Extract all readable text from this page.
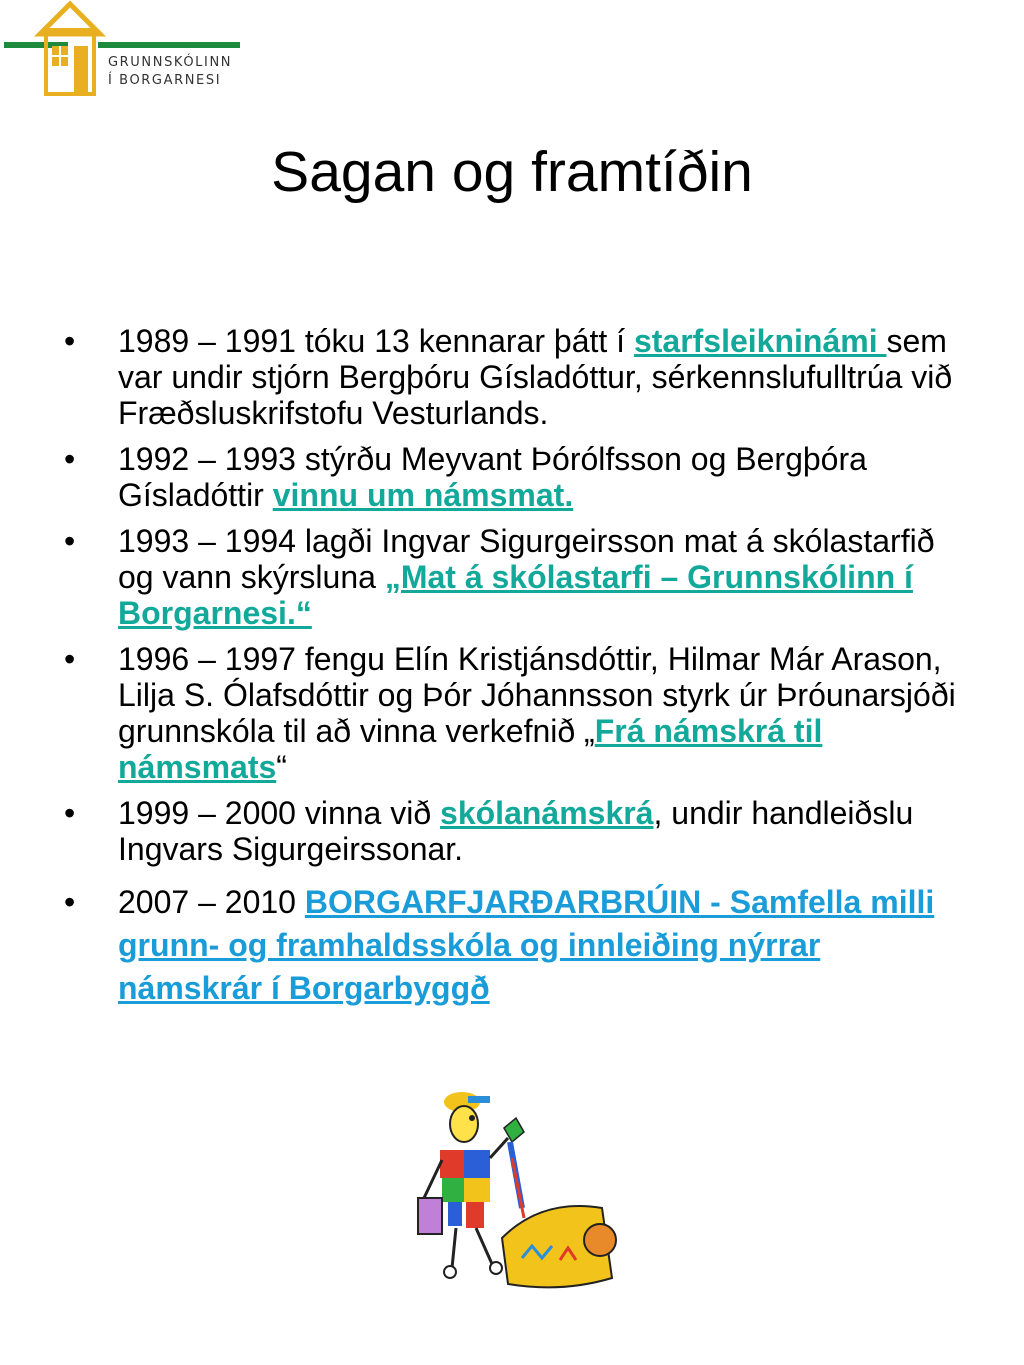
GRUNNSKÓLINN
Í BORGARNESI
Sagan og framtíðin
• 1989 – 1991 tóku 13 kennarar þátt í starfsleikninámi sem var undir stjórn Bergþóru Gísladóttur, sérkennslufulltrúa við Fræðsluskrifstofu Vesturlands.
• 1992 – 1993 stýrðu Meyvant Þórólfsson og Bergþóra Gísladóttir vinnu um námsmat.
• 1993 – 1994 lagði Ingvar Sigurgeirsson mat á skólastarfið og vann skýrsluna „Mat á skólastarfi – Grunnskólinn í Borgarnesi.“
• 1996 – 1997 fengu Elín Kristjánsdóttir, Hilmar Már Arason, Lilja S. Ólafsdóttir og Þór Jóhannsson styrk úr Þróunarsjóði grunnskóla til að vinna verkefnið „Frá námskrá til námsmats“
• 1999 – 2000 vinna við skólanámskrá, undir handleiðslu Ingvars Sigurgeirssonar.
• 2007 – 2010 BORGARFJARÐARBRÚIN - Samfella milli grunn- og framhaldsskóla og innleiðing nýrrar námskrár í Borgarbyggð
